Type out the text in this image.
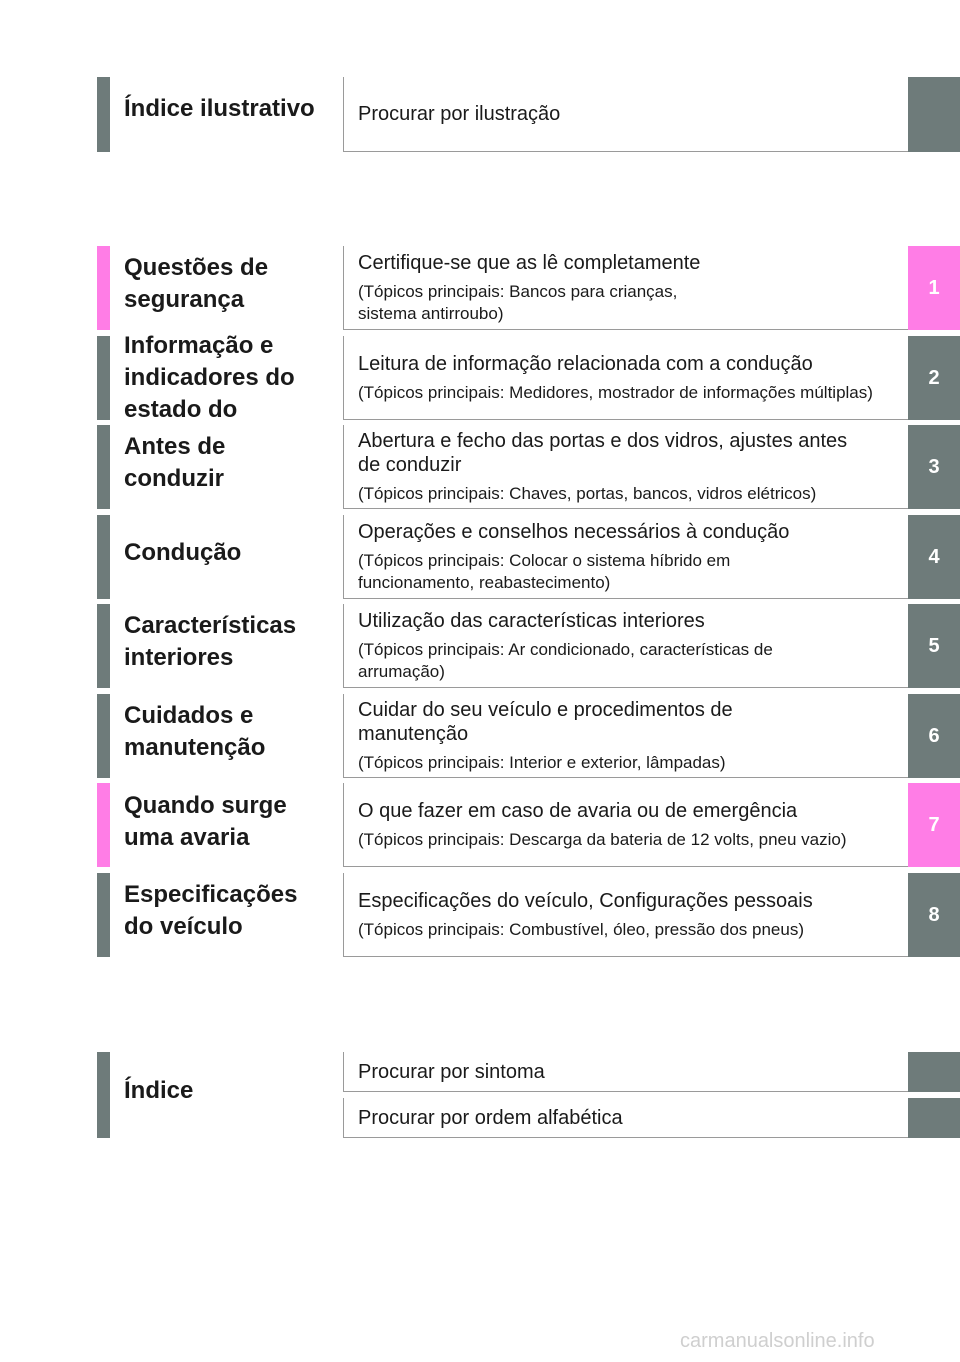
Índice ilustrativo	Procurar por ilustração
Questões de segurança
Certifique-se que as lê completamente
(Tópicos principais: Bancos para crianças, sistema antirroubo)
1
Informação e indicadores do estado do
Leitura de informação relacionada com a condução
(Tópicos principais: Medidores, mostrador de informações múltiplas)
2
Antes de conduzir
Abertura e fecho das portas e dos vidros, ajustes antes de conduzir
(Tópicos principais: Chaves, portas, bancos, vidros elétricos)
3
Condução
Operações e conselhos necessários à condução
(Tópicos principais: Colocar o sistema híbrido em funcionamento, reabastecimento)
4
Características interiores
Utilização das características interiores
(Tópicos principais: Ar condicionado, características de arrumação)
5
Cuidados e manutenção
Cuidar do seu veículo e procedimentos de manutenção
(Tópicos principais: Interior e exterior, lâmpadas)
6
Quando surge uma avaria
O que fazer em caso de avaria ou de emergência
(Tópicos principais: Descarga da bateria de 12 volts, pneu vazio)
7
Especificações do veículo
Especificações do veículo, Configurações pessoais
(Tópicos principais: Combustível, óleo, pressão dos pneus)
8
Índice
Procurar por sintoma
Procurar por ordem alfabética
carmanualsonline.info
